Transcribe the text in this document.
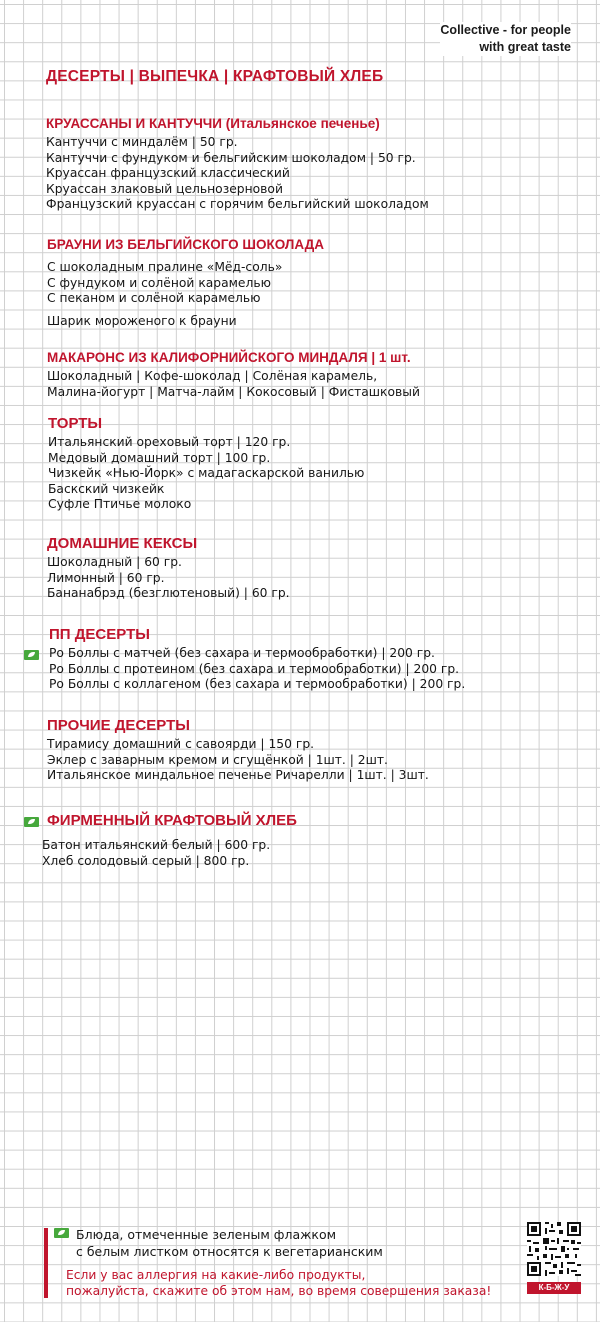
Collective - for people
with great taste
ДЕСЕРТЫ | ВЫПЕЧКА | КРАФТОВЫЙ ХЛЕБ
КРУАССАНЫ И КАНТУЧЧИ (Итальянское печенье)
Кантуччи с миндалём | 50 гр.
Кантуччи с фундуком и бельгийским шоколадом | 50 гр.
Круассан французский классический
Круассан злаковый цельнозерновой
Французский круассан с горячим бельгийский шоколадом
БРАУНИ ИЗ БЕЛЬГИЙСКОГО ШОКОЛАДА
С шоколадным пралине «Мёд-соль»
С фундуком и солёной карамелью
С пеканом и солёной карамелью
Шарик мороженого к брауни
МАКАРОНС ИЗ КАЛИФОРНИЙСКОГО МИНДАЛЯ | 1 шт.
Шоколадный | Кофе-шоколад | Солёная карамель,
Малина-йогурт | Матча-лайм | Кокосовый | Фисташковый
ТОРТЫ
Итальянский ореховый торт | 120 гр.
Медовый домашний торт | 100 гр.
Чизкейк «Нью-Йорк» с мадагаскарской ванилью
Баскский чизкейк
Суфле Птичье молоко
ДОМАШНИЕ КЕКСЫ
Шоколадный | 60 гр.
Лимонный | 60 гр.
Бананабрэд (безглютеновый) | 60 гр.
ПП ДЕСЕРТЫ
Ро Боллы с матчей (без сахара и термообработки) | 200 гр.
Ро Боллы с протеином (без сахара и термообработки) | 200 гр.
Ро Боллы с коллагеном (без сахара и термообработки) | 200 гр.
ПРОЧИЕ ДЕСЕРТЫ
Тирамису домашний с савоярди | 150 гр.
Эклер с заварным кремом и сгущёнкой | 1шт. | 2шт.
Итальянское миндальное печенье Ричарелли | 1шт. | 3шт.
ФИРМЕННЫЙ КРАФТОВЫЙ ХЛЕБ
Батон итальянский белый | 600 гр.
Хлеб солодовый серый | 800 гр.
Блюда, отмеченные зеленым флажком
с белым листком относятся к вегетарианским
Если у вас аллергия на какие-либо продукты,
пожалуйста, скажите об этом нам, во время совершения заказа!	К-Б-Ж-У
